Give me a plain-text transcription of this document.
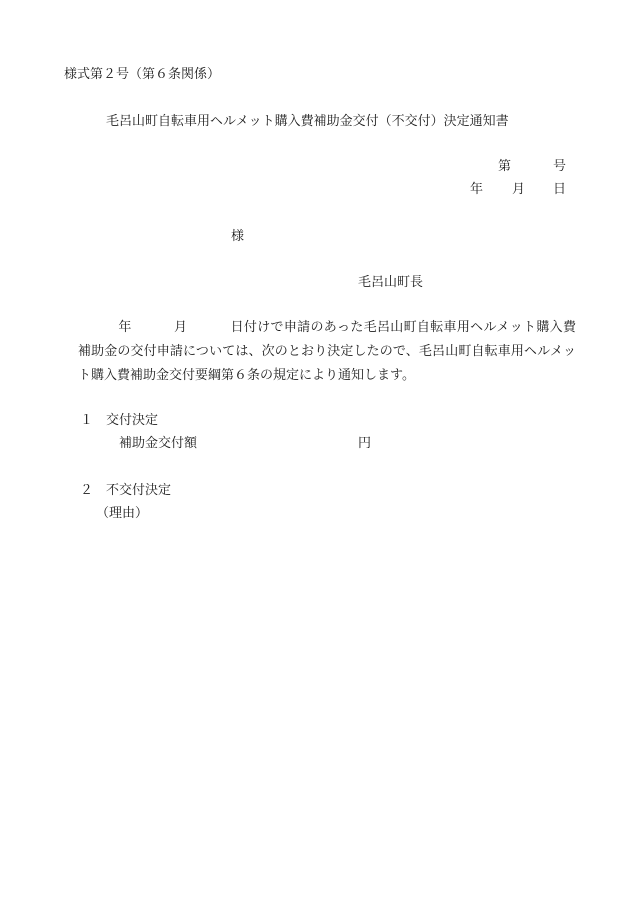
様式第２号（第６条関係）
毛呂山町自転車用ヘルメット購入費補助金交付（不交付）決定通知書
第	号
年 月 日
様
毛呂山町長
年	月	日付けで申請のあった毛呂山町自転車用ヘルメット購入費補助金の交付申請については、次のとおり決定したので、毛呂山町自転車用ヘルメット購入費補助金交付要綱第６条の規定により通知します。
１ 交付決定
補助金交付額	円
２ 不交付決定
（理由）
